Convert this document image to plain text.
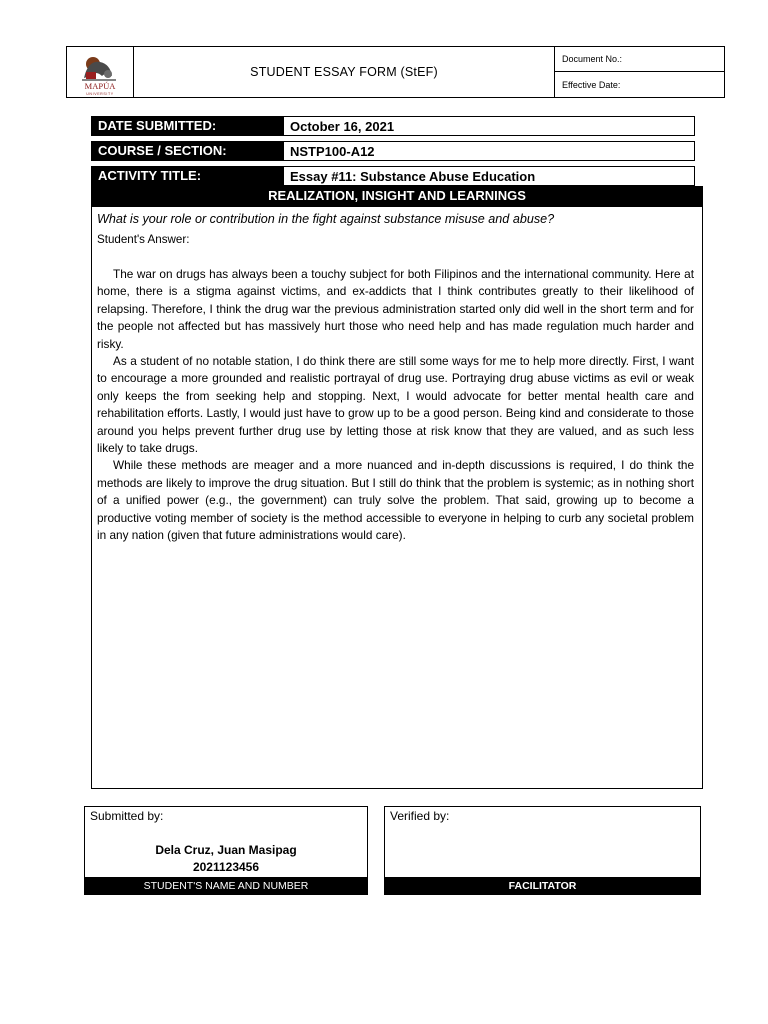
MAPÚA
UNIVERSITY
STUDENT ESSAY FORM (StEF)
Document No.:
Effective Date:
DATE SUBMITTED:	October 16, 2021
COURSE / SECTION:	NSTP100-A12
ACTIVITY TITLE:	Essay #11: Substance Abuse Education
REALIZATION, INSIGHT AND LEARNINGS
What is your role or contribution in the fight against substance misuse and abuse?
Student's Answer:

The war on drugs has always been a touchy subject for both Filipinos and the international community. Here at home, there is a stigma against victims, and ex-addicts that I think contributes greatly to their likelihood of relapsing. Therefore, I think the drug war the previous administration started only did well in the short term and for the people not affected but has massively hurt those who need help and has made regulation much harder and risky.

As a student of no notable station, I do think there are still some ways for me to help more directly. First, I want to encourage a more grounded and realistic portrayal of drug use. Portraying drug abuse victims as evil or weak only keeps the from seeking help and stopping. Next, I would advocate for better mental health care and rehabilitation efforts. Lastly, I would just have to grow up to be a good person. Being kind and considerate to those around you helps prevent further drug use by letting those at risk know that they are valued, and as such less likely to take drugs.

While these methods are meager and a more nuanced and in-depth discussions is required, I do think the methods are likely to improve the drug situation. But I still do think that the problem is systemic; as in nothing short of a unified power (e.g., the government) can truly solve the problem. That said, growing up to become a productive voting member of society is the method accessible to everyone in helping to curb any societal problem in any nation (given that future administrations would care).

Submitted by:
Dela Cruz, Juan Masipag
2021123456
STUDENT'S NAME AND NUMBER
Verified by:
FACILITATOR
